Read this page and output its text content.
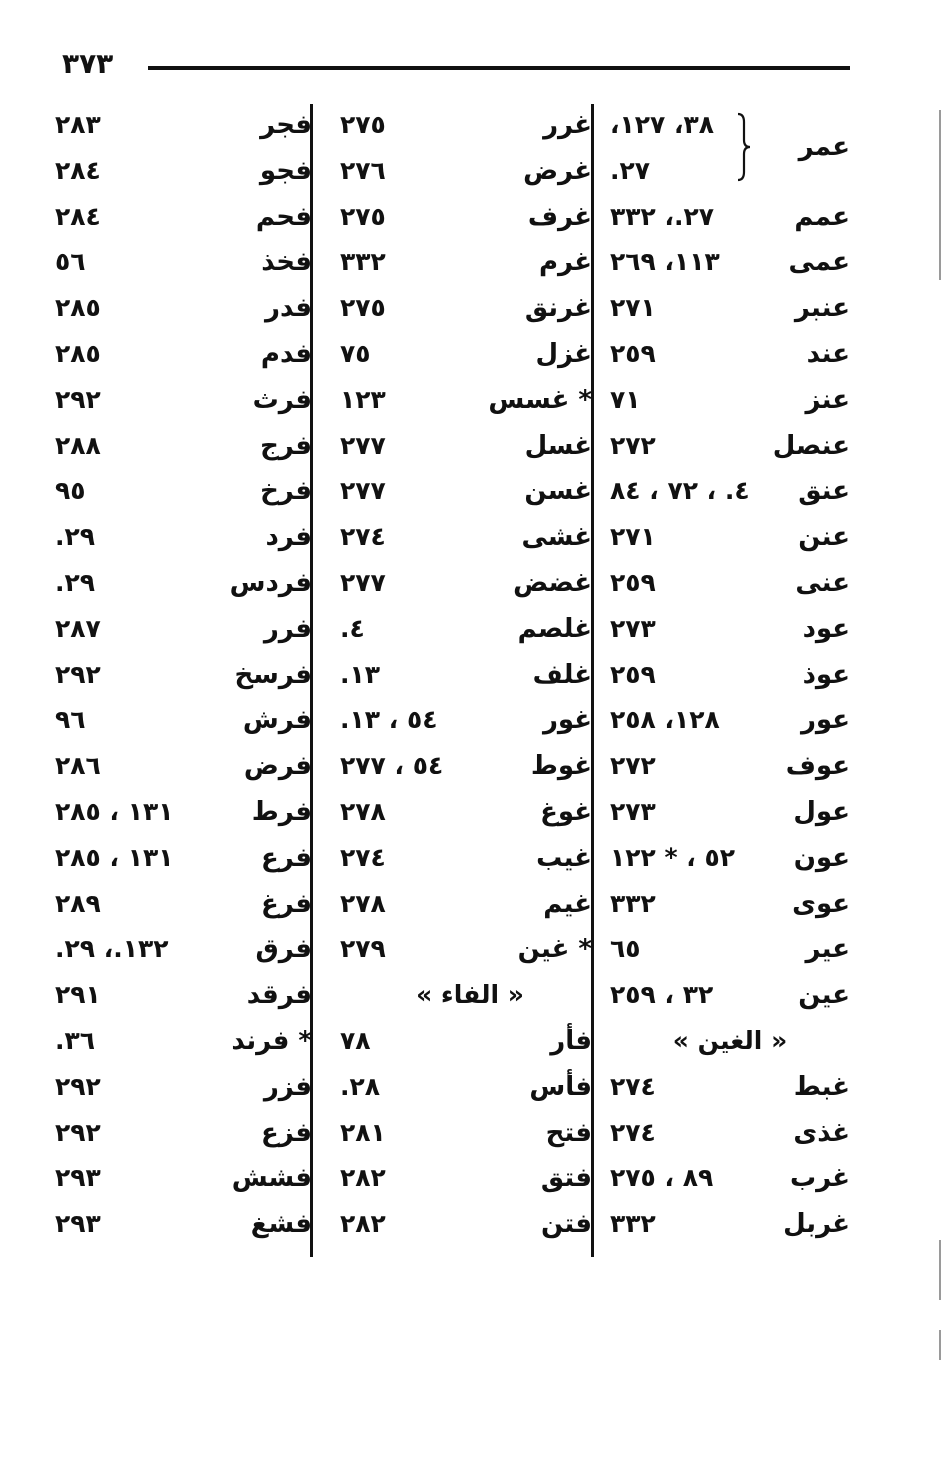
٣٧٣
فجر
٢٨٣
فجو
٢٨٤
فحم
٢٨٤
فخذ
٥٦
فدر
٢٨٥
فدم
٢٨٥
فرث
٢٩٢
فرج
٢٨٨
فرخ
٩٥
فرد
٢٩.
فردس
٢٩.
فرر
٢٨٧
فرسخ
٢٩٢
فرش
٩٦
فرض
٢٨٦
فرط
١٣١ ، ٢٨٥
فرع
١٣١ ، ٢٨٥
فرغ
٢٨٩
فرق
١٣٢.، ٢٩.
فرقد
٢٩١
* فرند
٣٦.
فزر
٢٩٢
فزع
٢٩٢
فشش
٢٩٣
فشغ
٢٩٣
غرر
٢٧٥
غرض
٢٧٦
غرف
٢٧٥
غرم
٣٣٢
غرنق
٢٧٥
غزل
٧٥
* غسس
١٢٣
غسل
٢٧٧
غسن
٢٧٧
غشى
٢٧٤
غضض
٢٧٧
غلصم
٤.
غلف
١٣.
غور
٥٤ ، ١٣.
غوط
٥٤ ، ٢٧٧
غوغ
٢٧٨
غيب
٢٧٤
غيم
٢٧٨
* غين
٢٧٩
« الفاء »
فأر
٧٨
فأس
٢٨.
فتح
٢٨١
فتق
٢٨٢
فتن
٢٨٢
عمر
٣٨، ١٢٧،
٢٧.
عمم
٢٧.، ٣٣٢
عمى
١١٣، ٢٦٩
عنبر
٢٧١
عند
٢٥٩
عنز
٧١
عنصل
٢٧٢
عنق
٤. ، ٧٢ ، ٨٤
عنن
٢٧١
عنى
٢٥٩
عود
٢٧٣
عوذ
٢٥٩
عور
١٢٨، ٢٥٨
عوف
٢٧٢
عول
٢٧٣
عون
٥٢ ، * ١٢٢
عوى
٣٣٢
عير
٦٥
عين
٣٢ ، ٢٥٩
« الغين »
غبط
٢٧٤
غذى
٢٧٤
غرب
٨٩ ، ٢٧٥
غربل
٣٣٢
